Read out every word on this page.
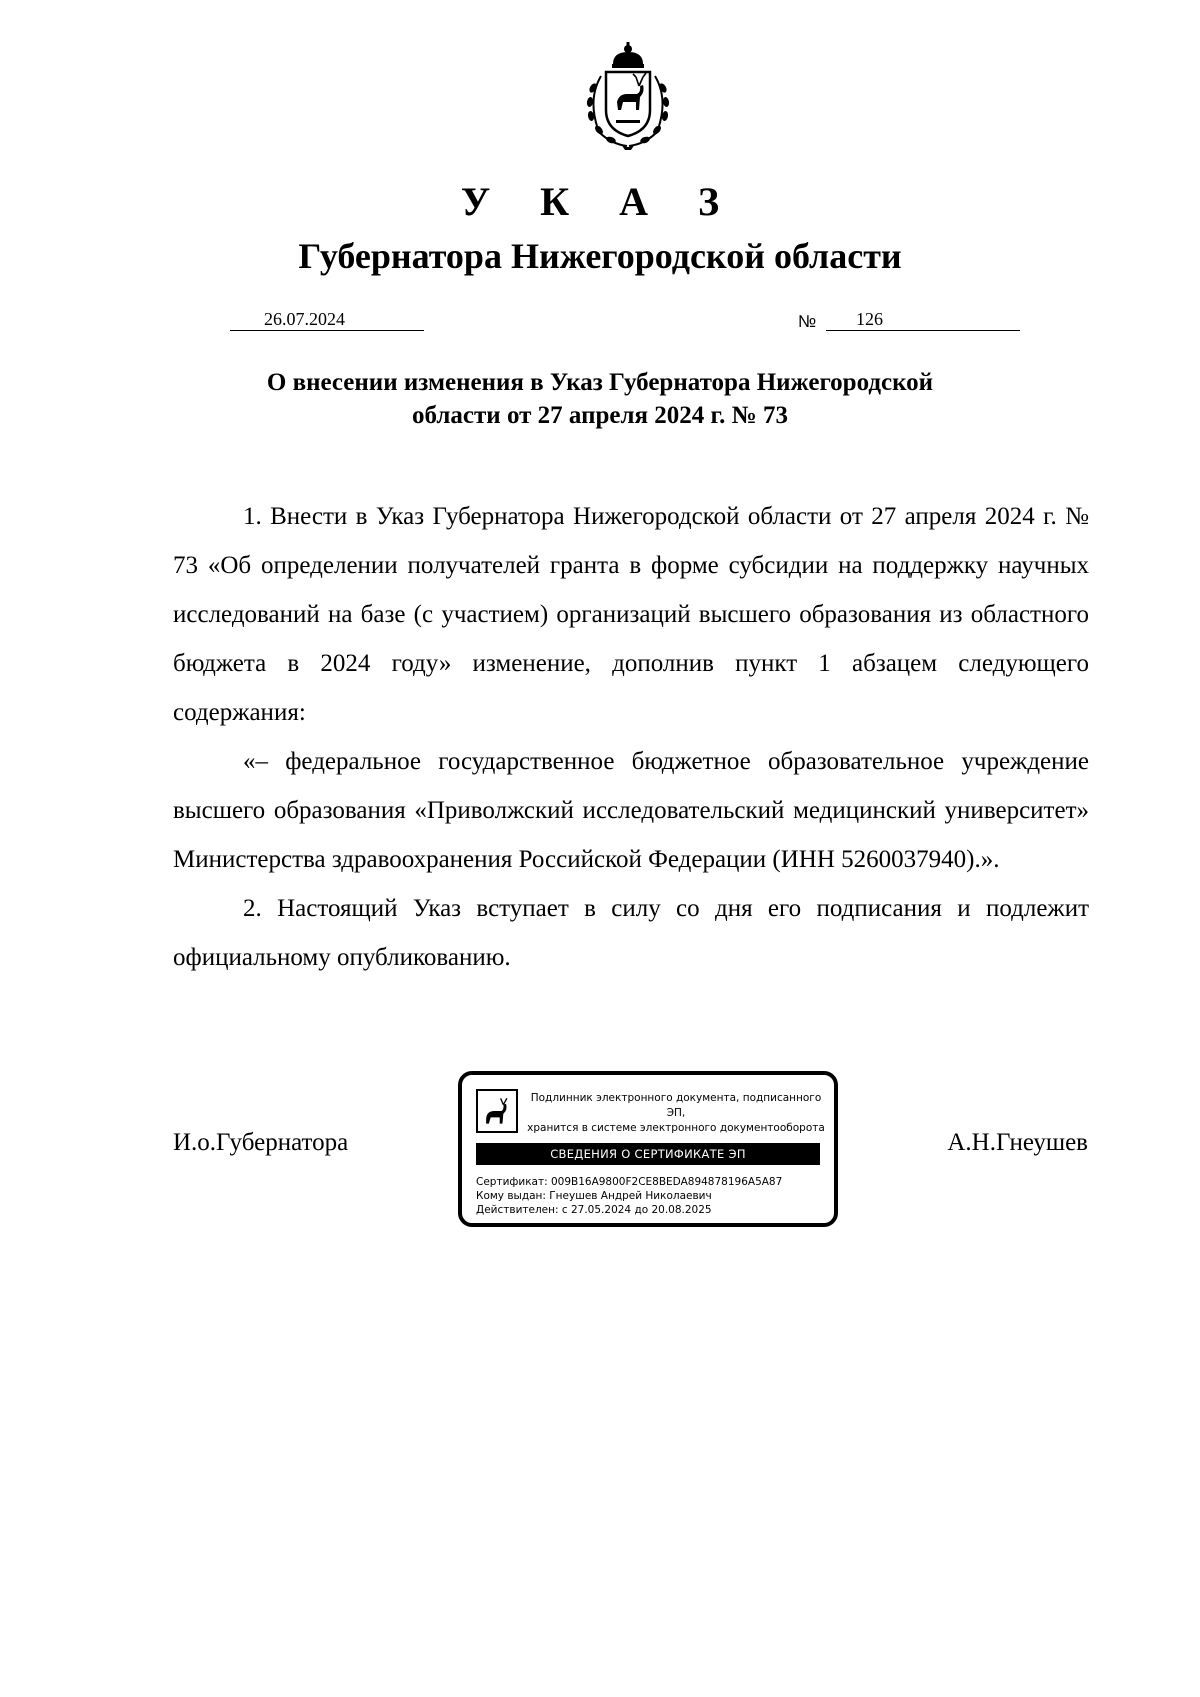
У К А З
Губернатора Нижегородской области
26.07.2024	№ 126
О внесении изменения в Указ Губернатора Нижегородской
области от 27 апреля 2024 г. № 73

1. Внести в Указ Губернатора Нижегородской области от 27 апреля 2024 г. № 73 «Об определении получателей гранта в форме субсидии на поддержку научных исследований на базе (с участием) организаций высшего образования из областного бюджета в 2024 году» изменение, дополнив пункт 1 абзацем следующего содержания:

«– федеральное государственное бюджетное образовательное учреждение высшего образования «Приволжский исследовательский медицинский университет» Министерства здравоохранения Российской Федерации (ИНН 5260037940).».

2. Настоящий Указ вступает в силу со дня его подписания и подлежит официальному опубликованию.

И.о.Губернатора
Подлинник электронного документа, подписанного ЭП,
хранится в системе электронного документооборота
СВЕДЕНИЯ О СЕРТИФИКАТЕ ЭП
Сертификат: 009B16A9800F2CE8BEDA894878196A5A87
Кому выдан: Гнеушев Андрей Николаевич
Действителен: с 27.05.2024 до 20.08.2025
А.Н.Гнеушев
